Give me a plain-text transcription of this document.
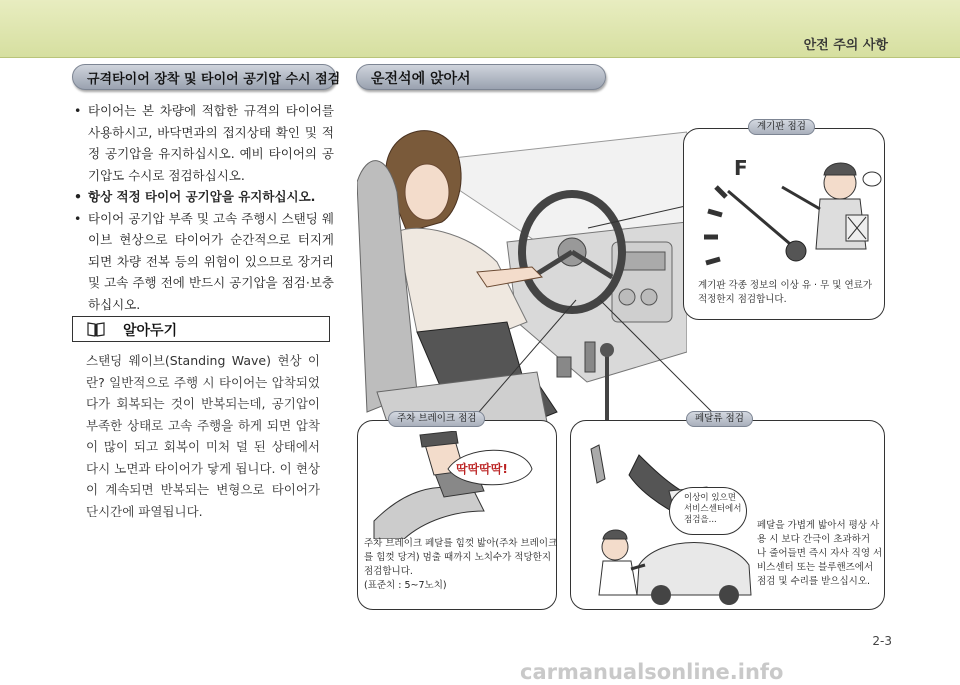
안전 주의 사항
규격타이어 장착 및 타이어 공기압 수시 점검
• 타이어는 본 차량에 적합한 규격의 타이어를 사용하시고, 바닥면과의 접지상태 확인 및 적정 공기압을 유지하십시오. 예비 타이어의 공기압도 수시로 점검하십시오.
• 항상 적정 타이어 공기압을 유지하십시오.
• 타이어 공기압 부족 및 고속 주행시 스탠딩 웨이브 현상으로 타이어가 순간적으로 터지게 되면 차량 전복 등의 위험이 있으므로 장거리 및 고속 주행 전에 반드시 공기압을 점검·보충 하십시오.
알아두기
스탠딩 웨이브(Standing Wave) 현상 이란? 일반적으로 주행 시 타이어는 압착되었다가 회복되는 것이 반복되는데, 공기압이 부족한 상태로 고속 주행을 하게 되면 압착이 많이 되고 회복이 미처 덜 된 상태에서 다시 노면과 타이어가 닿게 됩니다. 이 현상이 계속되면 반복되는 변형으로 타이어가 단시간에 파열됩니다.
운전석에 앉아서
F
계기판 각종 정보의 이상 유 · 무 및 연료가 적정한지 점검합니다.
계기판 점검
딱딱딱딱!
주차 브레이크 페달를 힘껏 밟아(주차 브레이크
를 힘껏 당겨) 멈출 때까지 노치수가 적당한지
점검합니다.
(표준치 : 5~7노치)
주차 브레이크 점검
이상이 있으면
서비스센터에서
점검을...	페달을 가볍게 밟아서 평상 사
용 시 보다 간극이 초과하거
나 줄어들면 즉시 자사 직영 서
비스센터 또는 블루핸즈에서
점검 및 수리를 받으십시오.
페달류 점검
2-3
carmanualsonline.info
